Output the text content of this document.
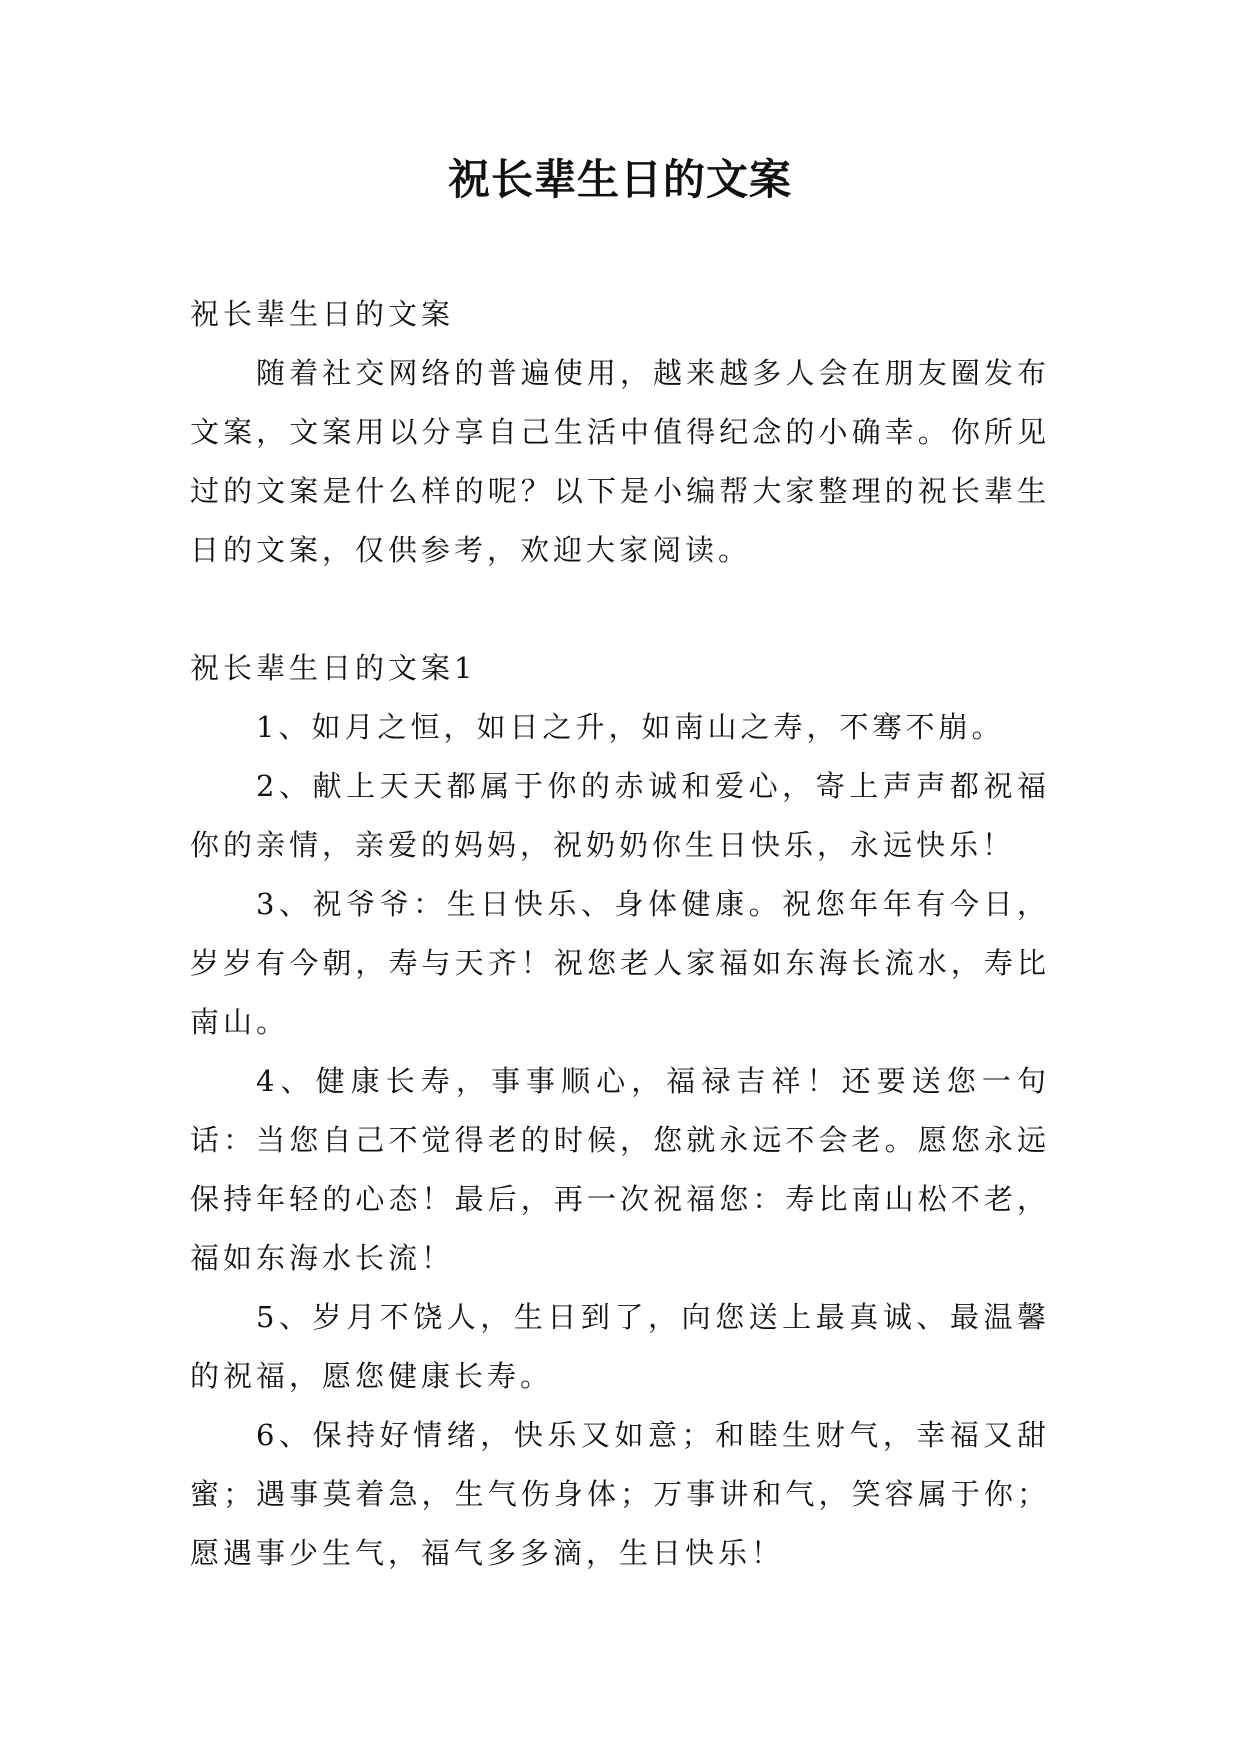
祝长辈生日的文案

祝长辈生日的文案

随着社交网络的普遍使用，越来越多人会在朋友圈发布文案，文案用以分享自己生活中值得纪念的小确幸。你所见过的文案是什么样的呢？以下是小编帮大家整理的祝长辈生日的文案，仅供参考，欢迎大家阅读。

祝长辈生日的文案1

1、如月之恒，如日之升，如南山之寿，不骞不崩。

2、献上天天都属于你的赤诚和爱心，寄上声声都祝福你的亲情，亲爱的妈妈，祝奶奶你生日快乐，永远快乐！

3、祝爷爷：生日快乐、身体健康。祝您年年有今日，岁岁有今朝，寿与天齐！祝您老人家福如东海长流水，寿比南山。

4、健康长寿，事事顺心，福禄吉祥！还要送您一句话：当您自己不觉得老的时候，您就永远不会老。愿您永远保持年轻的心态！最后，再一次祝福您：寿比南山松不老，福如东海水长流！

5、岁月不饶人，生日到了，向您送上最真诚、最温馨的祝福，愿您健康长寿。

6、保持好情绪，快乐又如意；和睦生财气，幸福又甜蜜；遇事莫着急，生气伤身体；万事讲和气，笑容属于你；愿遇事少生气，福气多多滴，生日快乐！
